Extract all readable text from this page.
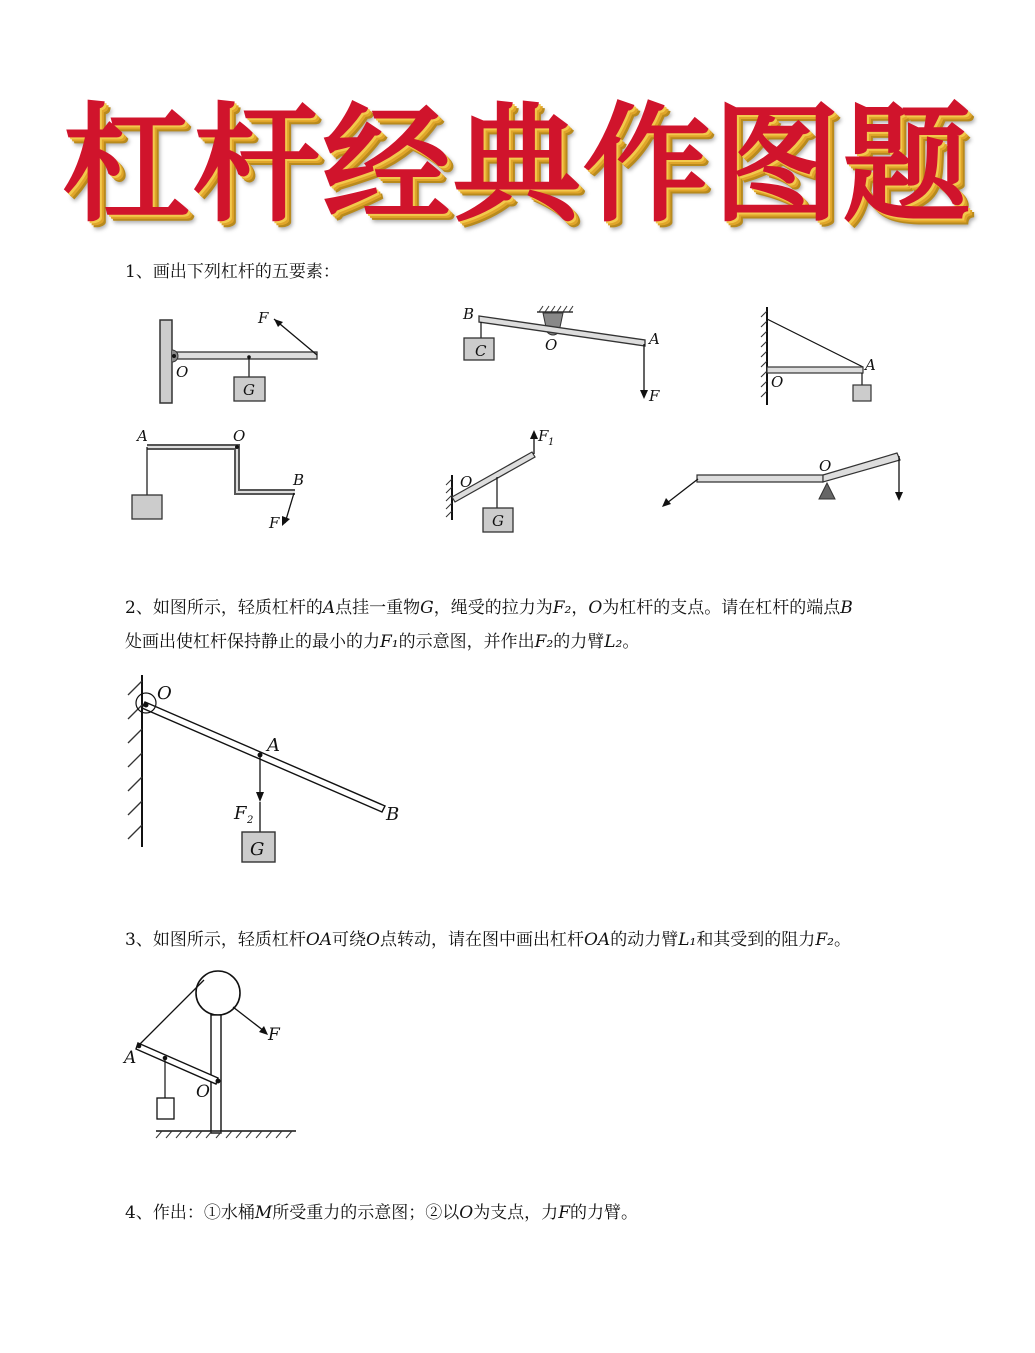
杠杆经典作图题
1、画出下列杠杆的五要素：
F
O
G
B
C	O	A
F
O
A
A	O
B
F
O
G
F 1
O
2、如图所示，轻质杠杆的A点挂一重物G，绳受的拉力为F₂，O为杠杆的支点。请在杠杆的端点B
处画出使杠杆保持静止的最小的力F₁的示意图，并作出F₂的力臂L₂。
O
A
B
F 2
G
3、如图所示，轻质杠杆OA可绕O点转动，请在图中画出杠杆OA的动力臂L₁和其受到的阻力F₂。
A
O
F
4、作出：①水桶M所受重力的示意图；②以O为支点，力F的力臂。
